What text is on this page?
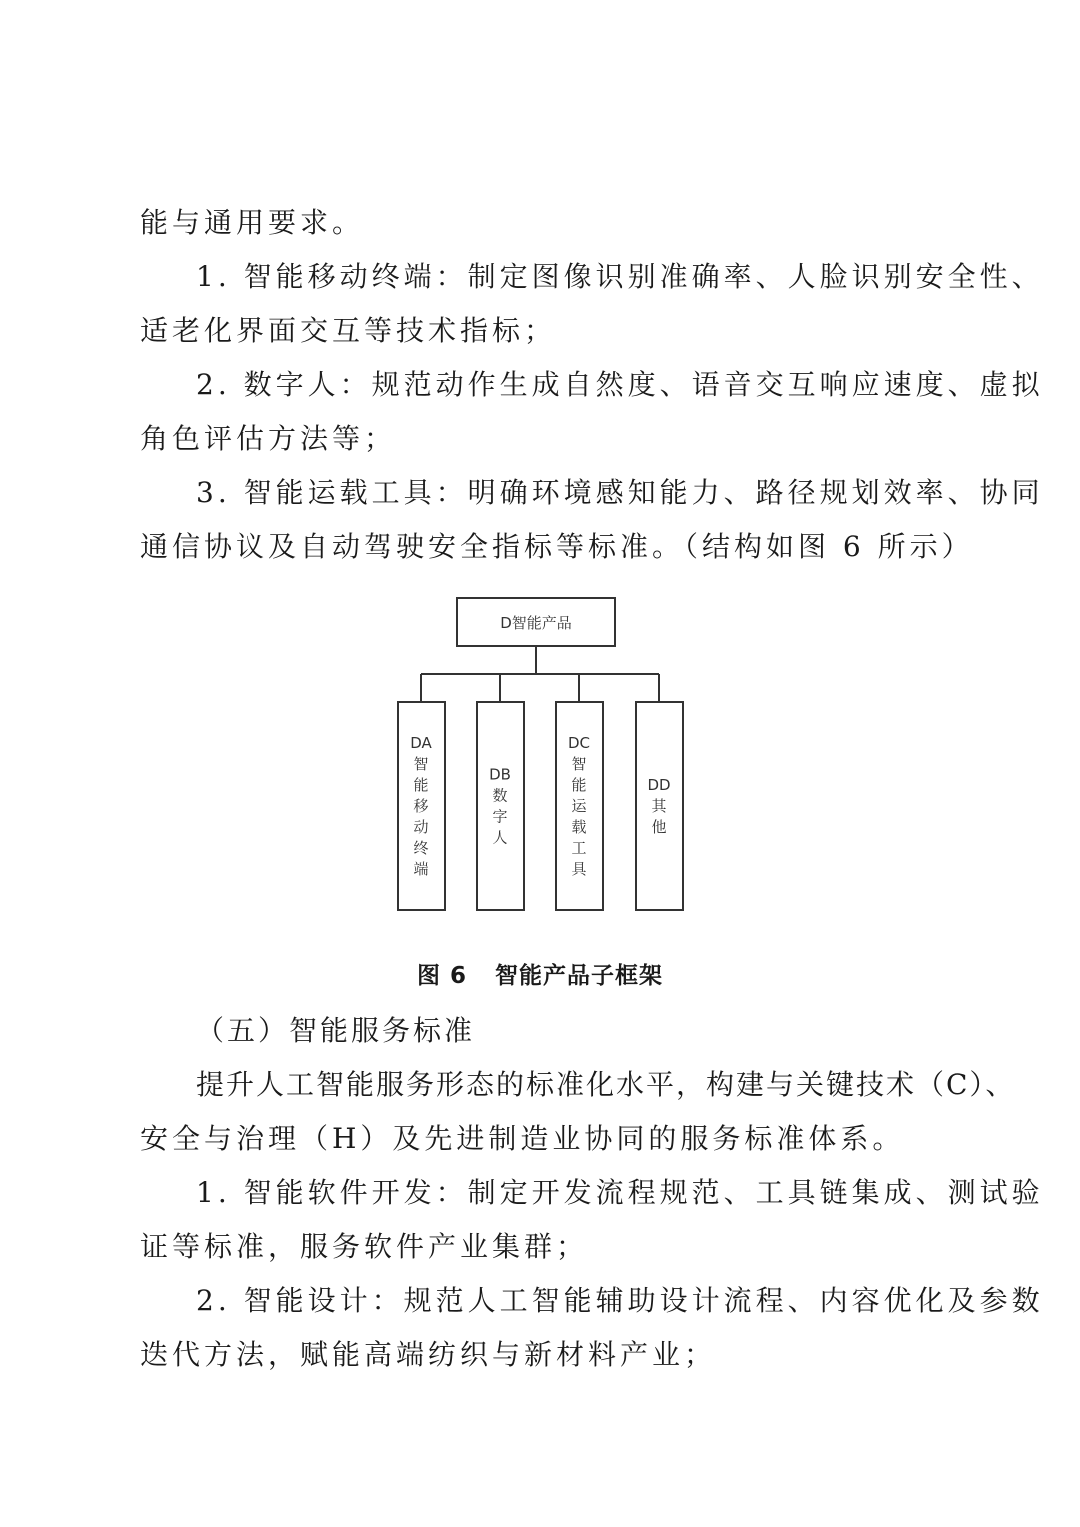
能与通用要求。
1. 智能移动终端：制定图像识别准确率、人脸识别安全性、
适老化界面交互等技术指标；
2. 数字人：规范动作生成自然度、语音交互响应速度、虚拟
角色评估方法等；
3. 智能运载工具：明确环境感知能力、路径规划效率、协同
通信协议及自动驾驶安全指标等标准。（结构如图 6 所示）
D智能产品
DA
智
能
移
动
终
端
DB
数
字
人
DC
智
能
运
载
工
具
DD
其
他
图 6 智能产品子框架
（五）智能服务标准
提升人工智能服务形态的标准化水平，构建与关键技术（C）、
安全与治理（H）及先进制造业协同的服务标准体系。
1. 智能软件开发：制定开发流程规范、工具链集成、测试验
证等标准，服务软件产业集群；
2. 智能设计：规范人工智能辅助设计流程、内容优化及参数
迭代方法，赋能高端纺织与新材料产业；
